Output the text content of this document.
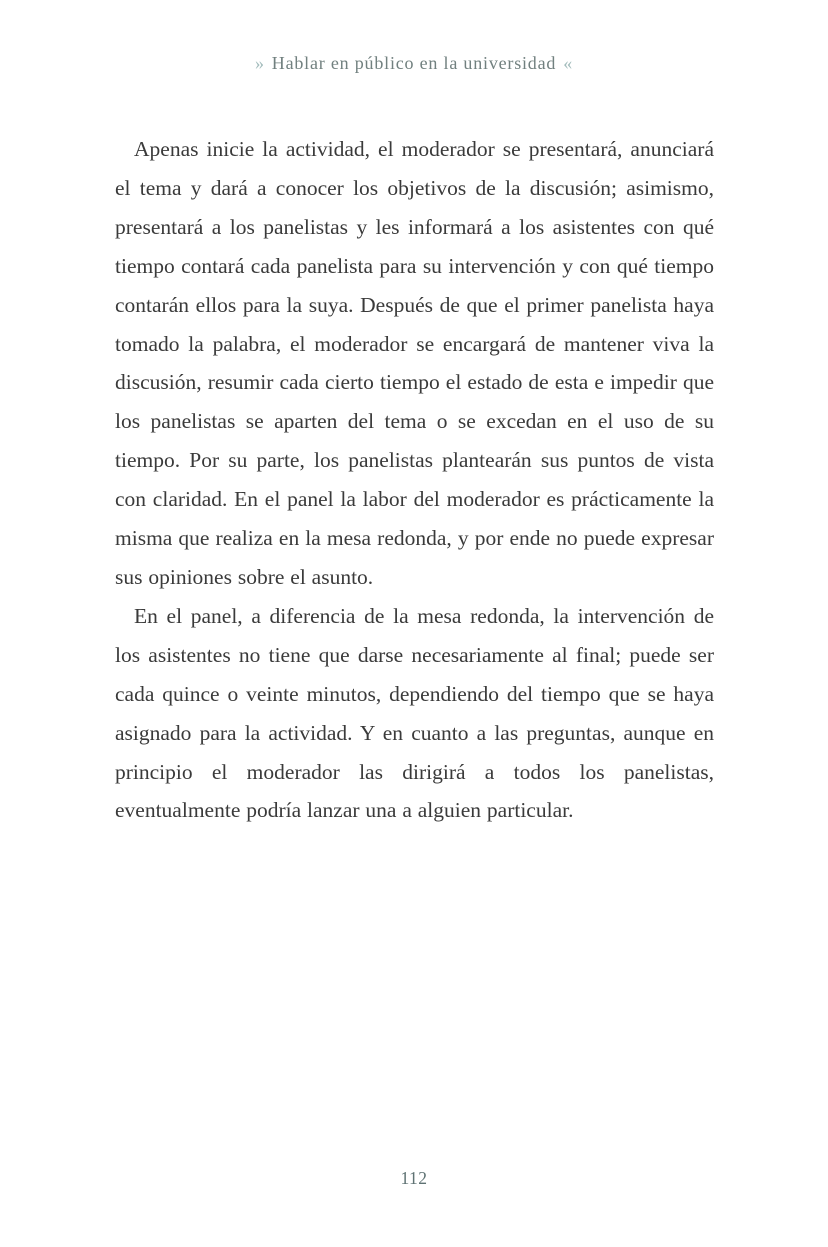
» Hablar en público en la universidad «

Apenas inicie la actividad, el moderador se presentará, anunciará el tema y dará a conocer los objetivos de la discusión; asimismo, presentará a los panelistas y les informará a los asistentes con qué tiempo contará cada panelista para su intervención y con qué tiempo contarán ellos para la suya. Después de que el primer panelista haya tomado la palabra, el moderador se encargará de mantener viva la discusión, resumir cada cierto tiempo el estado de esta e impedir que los panelistas se aparten del tema o se excedan en el uso de su tiempo. Por su parte, los panelistas plantearán sus puntos de vista con claridad. En el panel la labor del moderador es prácticamente la misma que realiza en la mesa redonda, y por ende no puede expresar sus opiniones sobre el asunto.

En el panel, a diferencia de la mesa redonda, la intervención de los asistentes no tiene que darse necesariamente al final; puede ser cada quince o veinte minutos, dependiendo del tiempo que se haya asignado para la actividad. Y en cuanto a las preguntas, aunque en principio el moderador las dirigirá a todos los panelistas, eventualmente podría lanzar una a alguien particular.

112
